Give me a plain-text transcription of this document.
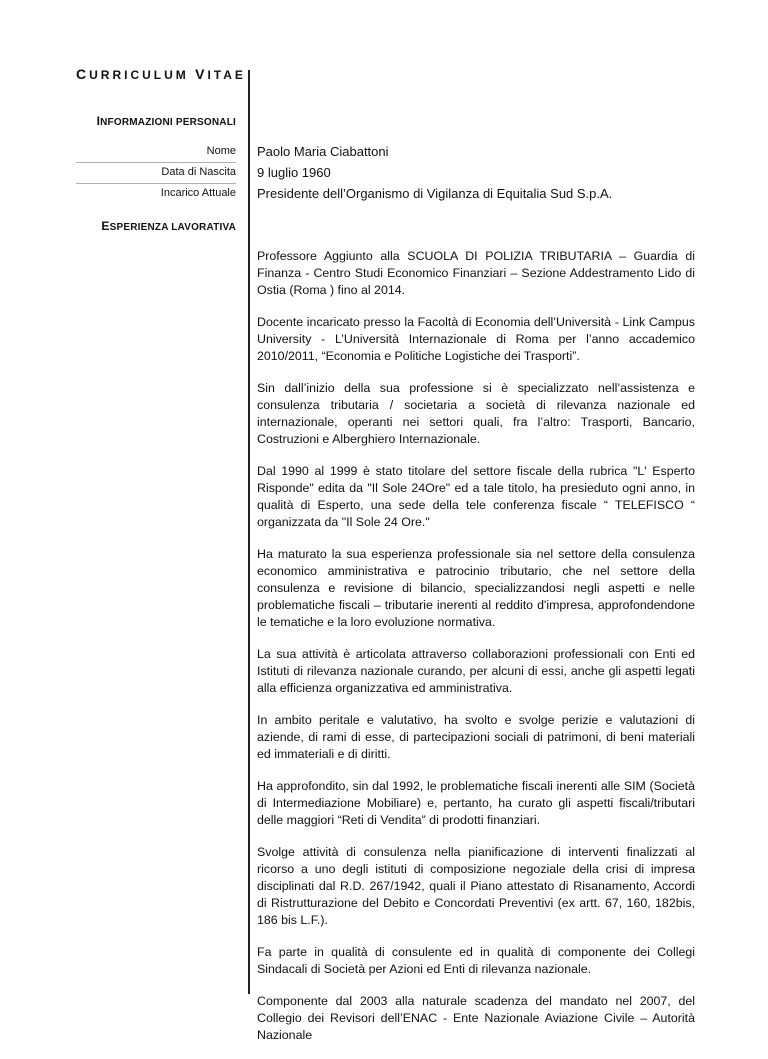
CURRICULUM VITAE
INFORMAZIONI PERSONALI
Nome Paolo Maria Ciabattoni
Data di Nascita 9 luglio 1960
Incarico Attuale Presidente dell’Organismo di Vigilanza di Equitalia Sud S.p.A.
ESPERIENZA LAVORATIVA

Professore Aggiunto alla SCUOLA DI POLIZIA TRIBUTARIA – Guardia di Finanza - Centro Studi Economico Finanziari – Sezione Addestramento Lido di Ostia (Roma ) fino al 2014.

Docente incaricato presso la Facoltà di Economia dell’Università - Link Campus University - L’Università Internazionale di Roma per l’anno accademico 2010/2011, “Economia e Politiche Logistiche dei Trasporti”.

Sin dall’inizio della sua professione si è specializzato nell’assistenza e consulenza tributaria / societaria a società di rilevanza nazionale ed internazionale, operanti nei settori quali, fra l’altro: Trasporti, Bancario, Costruzioni e Alberghiero Internazionale.

Dal 1990 al 1999 è stato titolare del settore fiscale della rubrica "L' Esperto Risponde" edita da "Il Sole 24Ore" ed a tale titolo, ha presieduto ogni anno, in qualità di Esperto, una sede della tele conferenza fiscale “ TELEFISCO “ organizzata da "Il Sole 24 Ore."

Ha maturato la sua esperienza professionale sia nel settore della consulenza economico amministrativa e patrocinio tributario, che nel settore della consulenza e revisione di bilancio, specializzandosi negli aspetti e nelle problematiche fiscali – tributarie inerenti al reddito d'impresa, approfondendone le tematiche e la loro evoluzione normativa.

La sua attività è articolata attraverso collaborazioni professionali con Enti ed Istituti di rilevanza nazionale curando, per alcuni di essi, anche gli aspetti legati alla efficienza organizzativa ed amministrativa.

In ambito peritale e valutativo, ha svolto e svolge perizie e valutazioni di aziende, di rami di esse, di partecipazioni sociali di patrimoni, di beni materiali ed immateriali e di diritti.

Ha approfondito, sin dal 1992, le problematiche fiscali inerenti alle SIM (Società di Intermediazione Mobiliare) e, pertanto, ha curato gli aspetti fiscali/tributari delle maggiori “Reti di Vendita” di prodotti finanziari.

Svolge attività di consulenza nella pianificazione di interventi finalizzati al ricorso a uno degli istituti di composizione negoziale della crisi di impresa disciplinati dal R.D. 267/1942, quali il Piano attestato di Risanamento, Accordi di Ristrutturazione del Debito e Concordati Preventivi (ex artt. 67, 160, 182bis, 186 bis L.F.).

Fa parte in qualità di consulente ed in qualità di componente dei Collegi Sindacali di Società per Azioni ed Enti di rilevanza nazionale.

Componente dal 2003 alla naturale scadenza del mandato nel 2007, del Collegio dei Revisori dell’ENAC - Ente Nazionale Aviazione Civile – Autorità Nazionale
